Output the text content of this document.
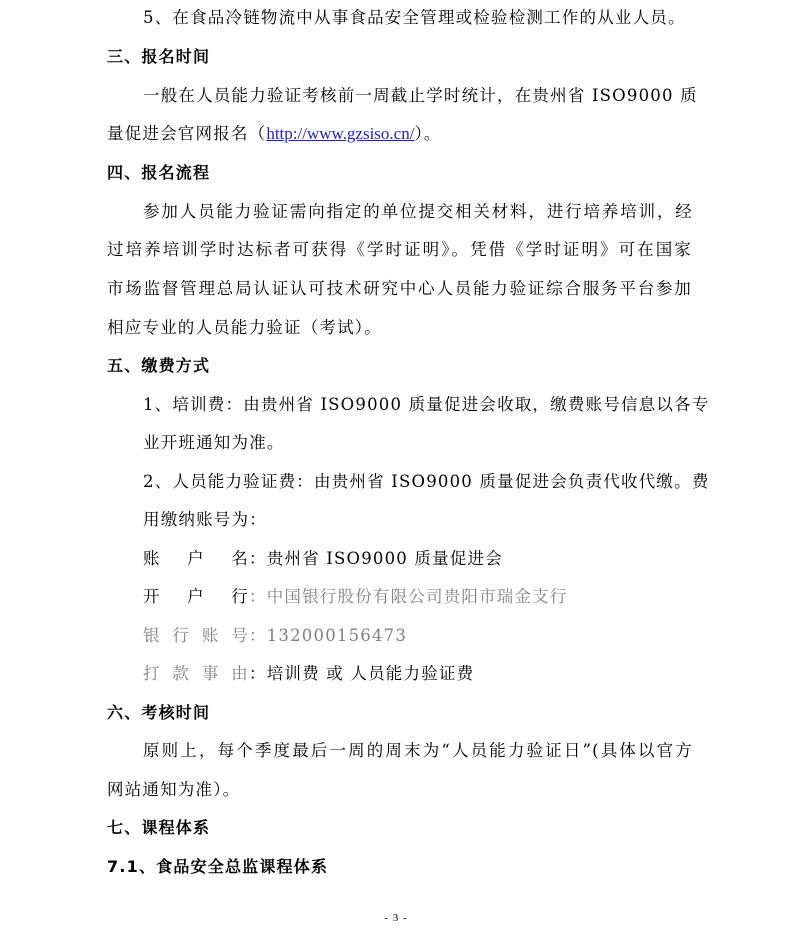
5、在食品冷链物流中从事食品安全管理或检验检测工作的从业人员。
三、报名时间
一般在人员能力验证考核前一周截止学时统计，在贵州省 ISO9000 质
量促进会官网报名（http://www.gzsiso.cn/）。
四、报名流程
参加人员能力验证需向指定的单位提交相关材料，进行培养培训，经
过培养培训学时达标者可获得《学时证明》。凭借《学时证明》可在国家
市场监督管理总局认证认可技术研究中心人员能力验证综合服务平台参加
相应专业的人员能力验证（考试）。
五、缴费方式
1、培训费：由贵州省 ISO9000 质量促进会收取，缴费账号信息以各专
业开班通知为准。
2、人员能力验证费：由贵州省 ISO9000 质量促进会负责代收代缴。费
用缴纳账号为：
账　户　名：贵州省 ISO9000 质量促进会
开　户　行：中国银行股份有限公司贵阳市瑞金支行
银 行 账 号：132000156473
打 款 事 由：培训费 或 人员能力验证费
六、考核时间
原则上，每个季度最后一周的周末为“人员能力验证日”(具体以官方
网站通知为准）。
七、课程体系
7.1、食品安全总监课程体系
- 3 -
